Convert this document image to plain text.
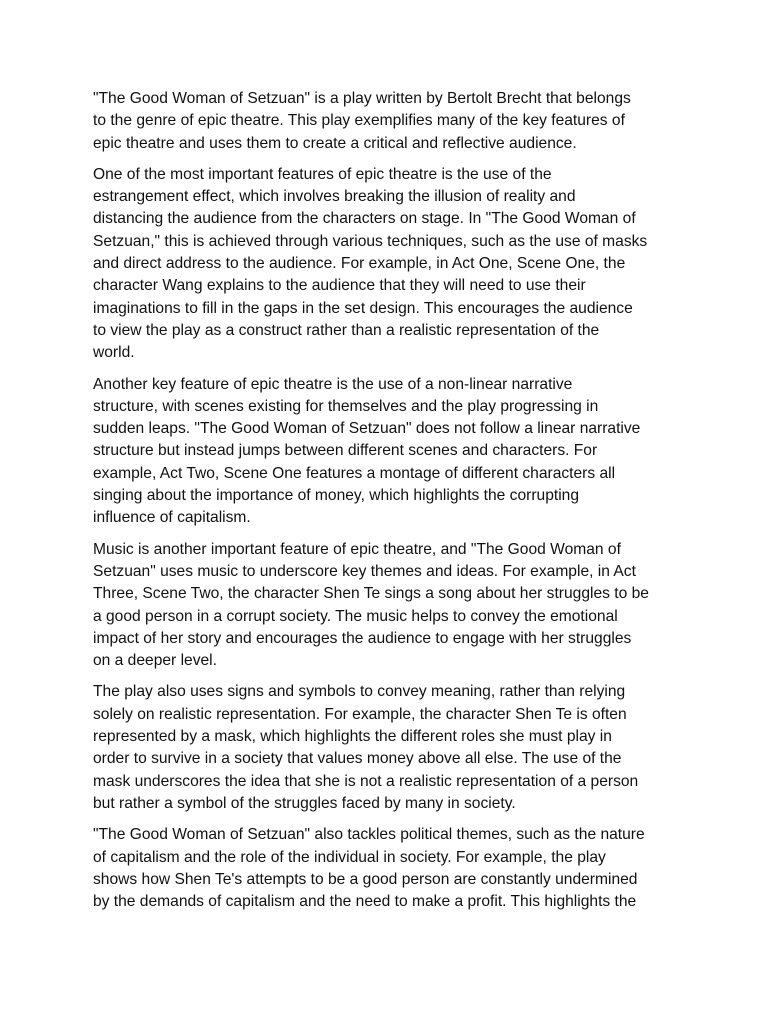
"The Good Woman of Setzuan" is a play written by Bertolt Brecht that belongs
to the genre of epic theatre. This play exemplifies many of the key features of
epic theatre and uses them to create a critical and reflective audience.

One of the most important features of epic theatre is the use of the
estrangement effect, which involves breaking the illusion of reality and
distancing the audience from the characters on stage. In "The Good Woman of
Setzuan," this is achieved through various techniques, such as the use of masks
and direct address to the audience. For example, in Act One, Scene One, the
character Wang explains to the audience that they will need to use their
imaginations to fill in the gaps in the set design. This encourages the audience
to view the play as a construct rather than a realistic representation of the
world.

Another key feature of epic theatre is the use of a non-linear narrative
structure, with scenes existing for themselves and the play progressing in
sudden leaps. "The Good Woman of Setzuan" does not follow a linear narrative
structure but instead jumps between different scenes and characters. For
example, Act Two, Scene One features a montage of different characters all
singing about the importance of money, which highlights the corrupting
influence of capitalism.

Music is another important feature of epic theatre, and "The Good Woman of
Setzuan" uses music to underscore key themes and ideas. For example, in Act
Three, Scene Two, the character Shen Te sings a song about her struggles to be
a good person in a corrupt society. The music helps to convey the emotional
impact of her story and encourages the audience to engage with her struggles
on a deeper level.

The play also uses signs and symbols to convey meaning, rather than relying
solely on realistic representation. For example, the character Shen Te is often
represented by a mask, which highlights the different roles she must play in
order to survive in a society that values money above all else. The use of the
mask underscores the idea that she is not a realistic representation of a person
but rather a symbol of the struggles faced by many in society.

"The Good Woman of Setzuan" also tackles political themes, such as the nature
of capitalism and the role of the individual in society. For example, the play
shows how Shen Te's attempts to be a good person are constantly undermined
by the demands of capitalism and the need to make a profit. This highlights the
